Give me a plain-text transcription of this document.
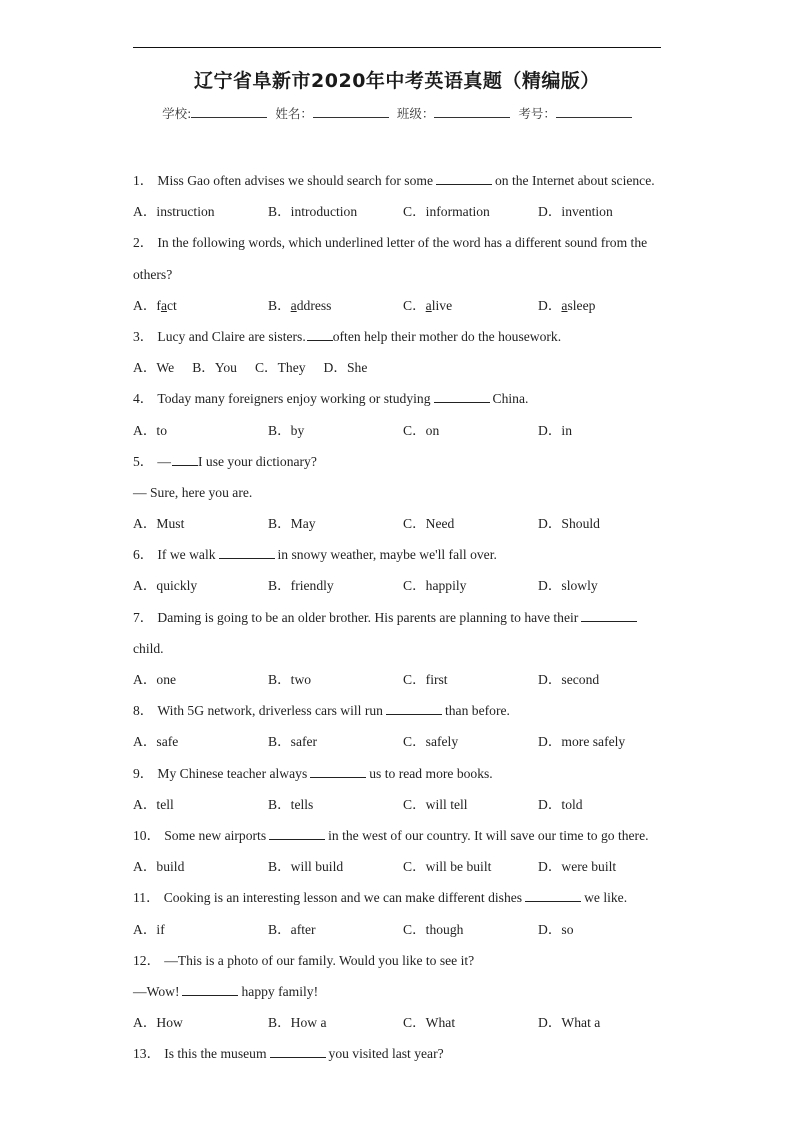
辽宁省阜新市2020年中考英语真题（精编版）
学校:	姓名：	班级：	考号：
1． Miss Gao often advises we should search for some	on the Internet about science.
A．instruction	B．introduction	C．information	D．invention
2． In the following words, which underlined letter of the word has a different sound from the
others?
A．fact	B．address	C．alive	D．asleep
3． Lucy and Claire are sisters. often help their mother do the housework.
A．We B．You C．They D．She
4． Today many foreigners enjoy working or studying	China.
A．to	B．by	C．on	D．in
5． — I use your dictionary?
— Sure, here you are.
A．Must	B．May	C．Need	D．Should
6． If we walk	in snowy weather, maybe we'll fall over.
A．quickly	B．friendly	C．happily	D．slowly
7． Daming is going to be an older brother. His parents are planning to have their
child.
A．one	B．two	C．first	D．second
8． With 5G network, driverless cars will run	than before.
A．safe	B．safer	C．safely	D．more safely
9． My Chinese teacher always	us to read more books.
A．tell	B．tells	C．will tell	D．told
10． Some new airports	in the west of our country. It will save our time to go there.
A．build	B．will build	C．will be built	D．were built
11． Cooking is an interesting lesson and we can make different dishes	we like.
A．if	B．after	C．though	D．so
12． —This is a photo of our family. Would you like to see it?
—Wow!	happy family!
A．How	B．How a	C．What	D．What a
13． Is this the museum	you visited last year?
